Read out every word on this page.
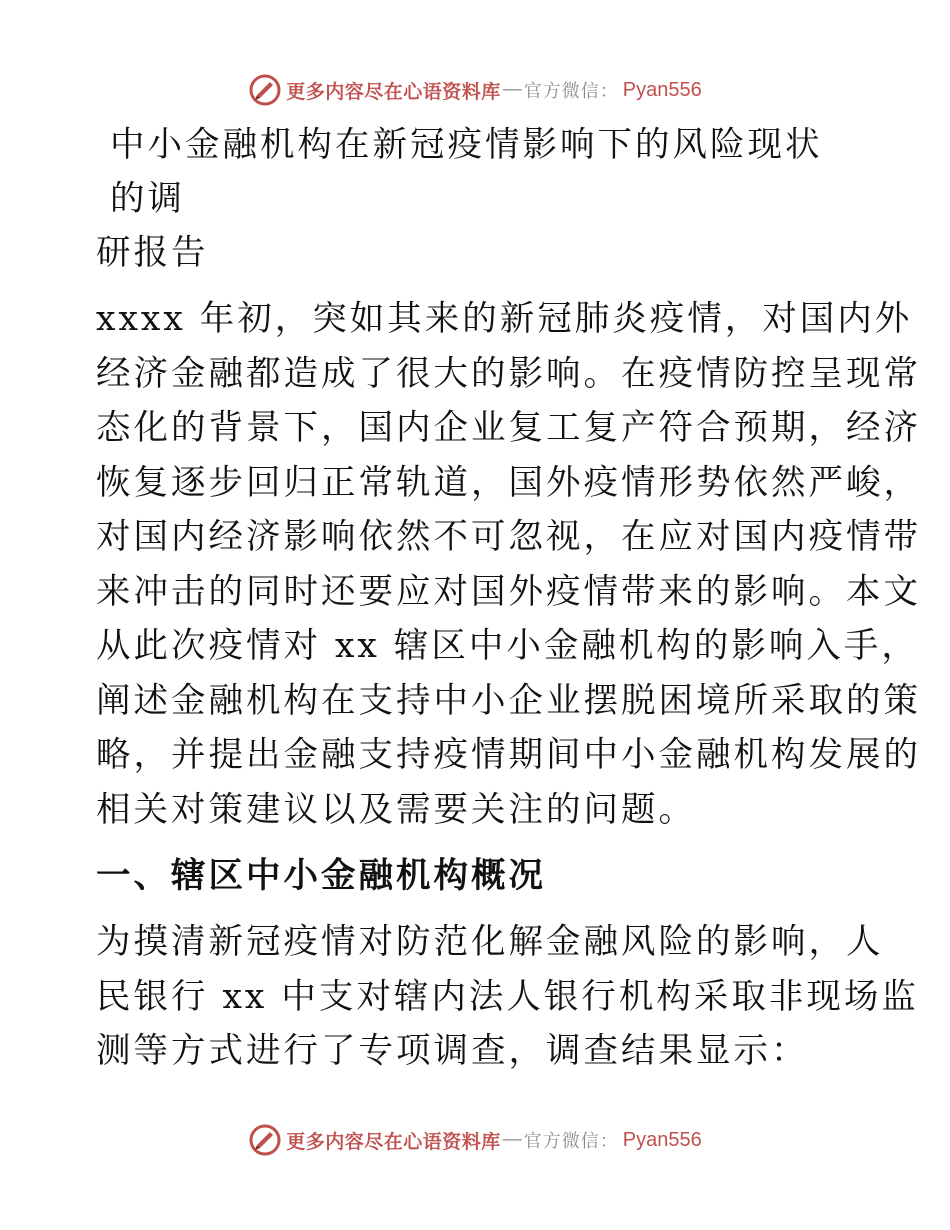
更多内容尽在心语资料库 — 官方微信： Pyan556
中小金融机构在新冠疫情影响下的风险现状的调
研报告

xxxx 年初，突如其来的新冠肺炎疫情，对国内外
经济金融都造成了很大的影响。在疫情防控呈现常
态化的背景下，国内企业复工复产符合预期，经济
恢复逐步回归正常轨道，国外疫情形势依然严峻，
对国内经济影响依然不可忽视，在应对国内疫情带
来冲击的同时还要应对国外疫情带来的影响。本文
从此次疫情对 xx 辖区中小金融机构的影响入手，
阐述金融机构在支持中小企业摆脱困境所采取的策
略，并提出金融支持疫情期间中小金融机构发展的
相关对策建议以及需要关注的问题。

一、辖区中小金融机构概况

为摸清新冠疫情对防范化解金融风险的影响，人
民银行 xx 中支对辖内法人银行机构采取非现场监
测等方式进行了专项调查，调查结果显示：

更多内容尽在心语资料库 — 官方微信： Pyan556
